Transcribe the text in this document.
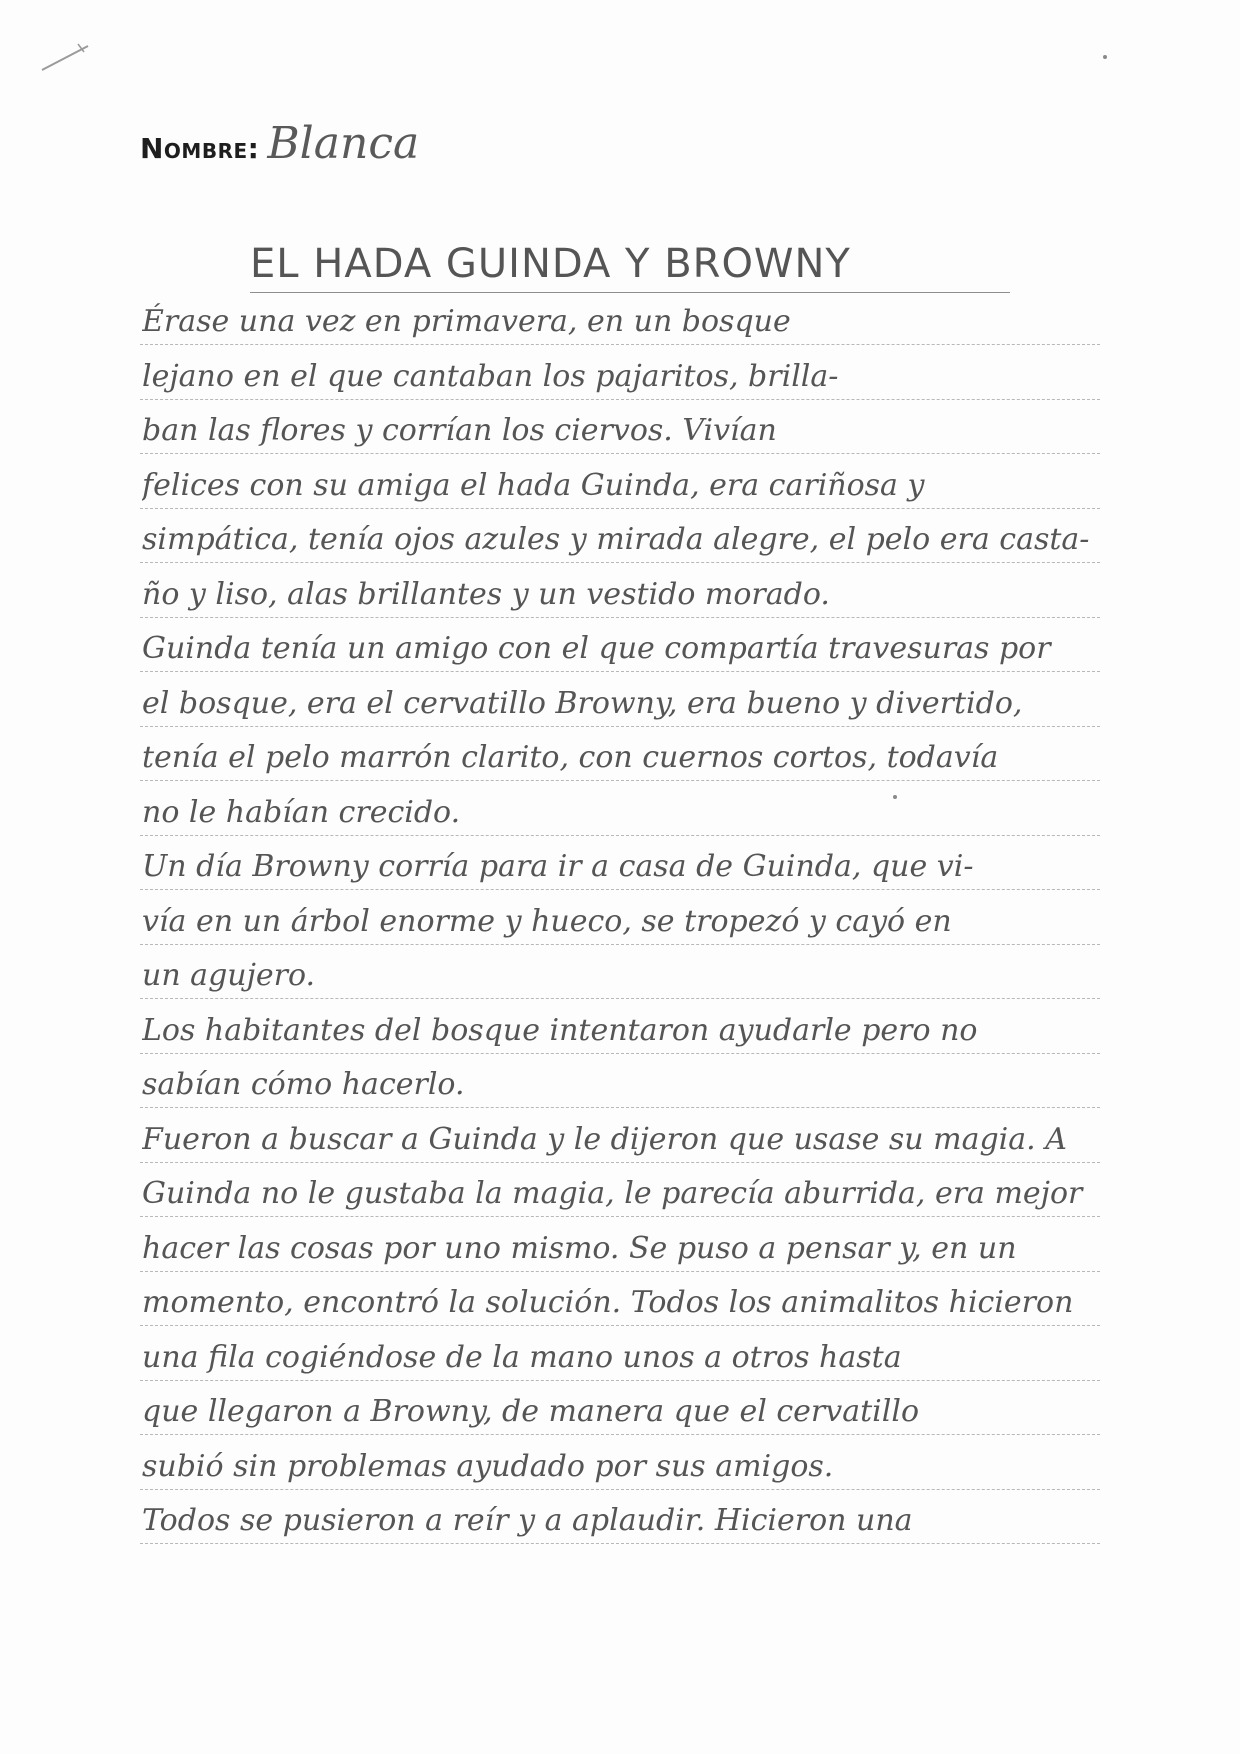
Nombre: Blanca
EL HADA GUINDA Y BROWNY
Érase una vez en primavera, en un bosque
lejano en el que cantaban los pajaritos, brilla-
ban las flores y corrían los ciervos. Vivían
felices con su amiga el hada Guinda, era cariñosa y
simpática, tenía ojos azules y mirada alegre, el pelo era casta-
ño y liso, alas brillantes y un vestido morado.
Guinda tenía un amigo con el que compartía travesuras por
el bosque, era el cervatillo Browny, era bueno y divertido,
tenía el pelo marrón clarito, con cuernos cortos, todavía
no le habían crecido.
Un día Browny corría para ir a casa de Guinda, que vi-
vía en un árbol enorme y hueco, se tropezó y cayó en
un agujero.
Los habitantes del bosque intentaron ayudarle pero no
sabían cómo hacerlo.
Fueron a buscar a Guinda y le dijeron que usase su magia. A
Guinda no le gustaba la magia, le parecía aburrida, era mejor
hacer las cosas por uno mismo. Se puso a pensar y, en un
momento, encontró la solución. Todos los animalitos hicieron
una fila cogiéndose de la mano unos a otros hasta
que llegaron a Browny, de manera que el cervatillo
subió sin problemas ayudado por sus amigos.
Todos se pusieron a reír y a aplaudir. Hicieron una
